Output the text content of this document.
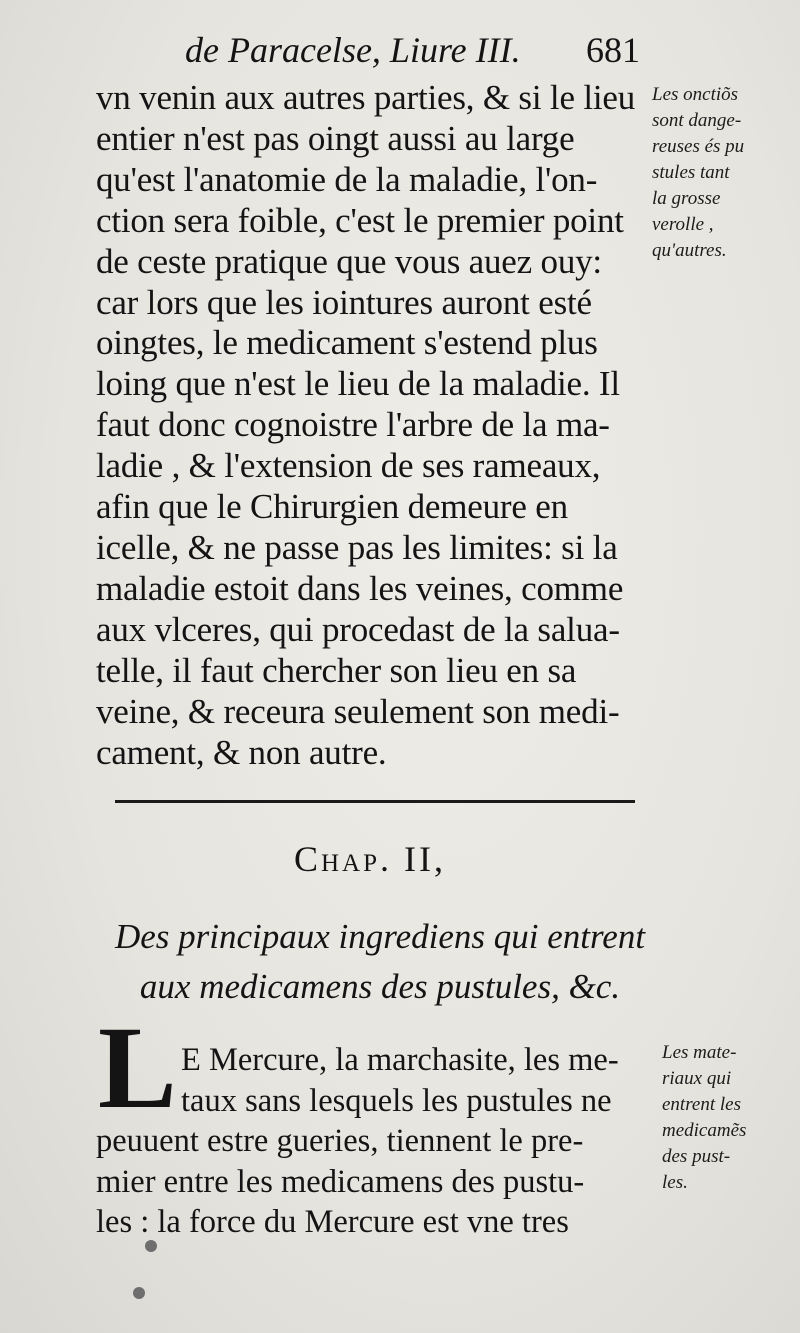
de Paracelse, Liure III. 681
vn venin aux autres parties, & si le lieu
entier n'est pas oingt aussi au large
qu'est l'anatomie de la maladie, l'on-
ction sera foible, c'est le premier point
de ceste pratique que vous auez ouy:
car lors que les iointures auront esté
oingtes, le medicament s'estend plus
loing que n'est le lieu de la maladie. Il
faut donc cognoistre l'arbre de la ma-
ladie , & l'extension de ses rameaux,
afin que le Chirurgien demeure en
icelle, & ne passe pas les limites: si la
maladie estoit dans les veines, comme
aux vlceres, qui procedast de la salua-
telle, il faut chercher son lieu en sa
veine, & receura seulement son medi-
cament, & non autre.
Les onctiõs
sont dange-
reuses és pu
stules tant
la grosse
verolle ,
qu'autres.
Chap. II,
Des principaux ingrediens qui entrent
aux medicamens des pustules, &c.
L E Mercure, la marchasite, les me-
taux sans lesquels les pustules ne
peuuent estre gueries, tiennent le pre-
mier entre les medicamens des pustu-
les : la force du Mercure est vne tres
Les mate-
riaux qui
entrent les
medicamẽs
des pust-
les.
